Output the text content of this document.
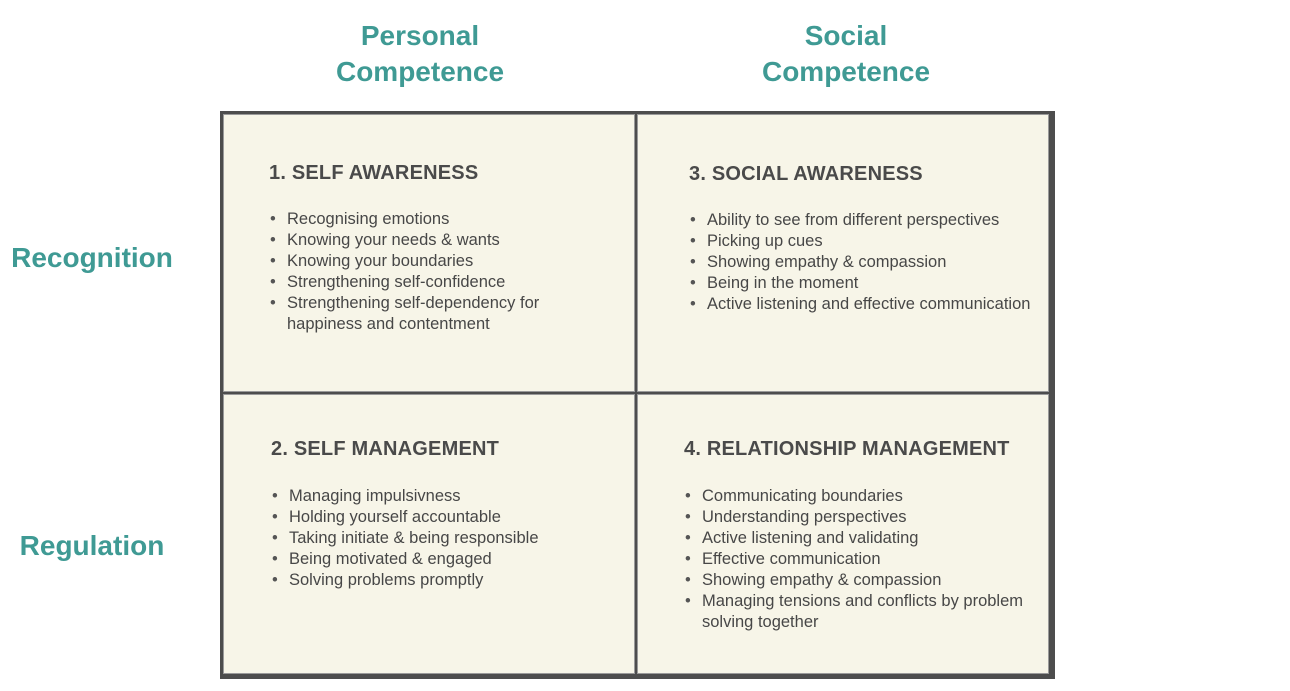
Personal
Competence
Social
Competence
Recognition
Regulation
1. SELF AWARENESS
• Recognising emotions
• Knowing your needs & wants
• Knowing your boundaries
• Strengthening self-confidence
• Strengthening self-dependency for happiness and contentment
3. SOCIAL AWARENESS
• Ability to see from different perspectives
• Picking up cues
• Showing empathy & compassion
• Being in the moment
• Active listening and effective communication
2. SELF MANAGEMENT
• Managing impulsivness
• Holding yourself accountable
• Taking initiate & being responsible
• Being motivated & engaged
• Solving problems promptly
4. RELATIONSHIP MANAGEMENT
• Communicating boundaries
• Understanding perspectives
• Active listening and validating
• Effective communication
• Showing empathy & compassion
• Managing tensions and conflicts by problem solving together
